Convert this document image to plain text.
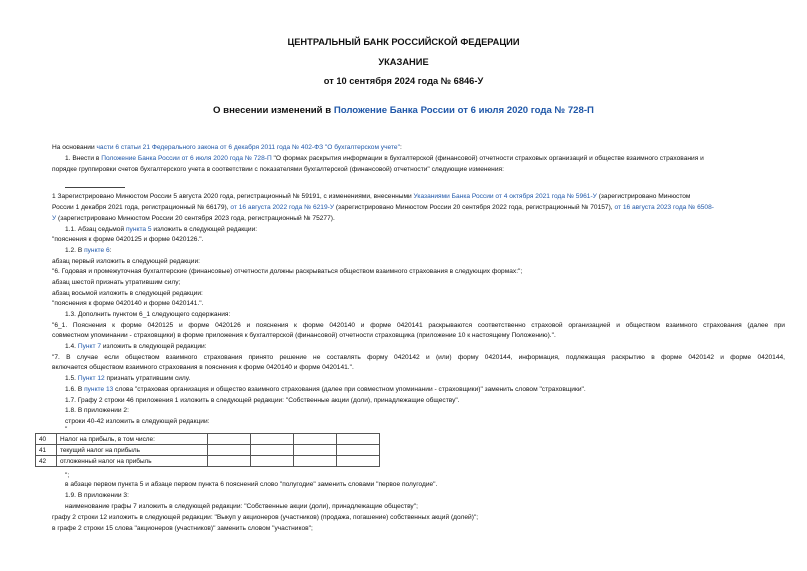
ЦЕНТРАЛЬНЫЙ БАНК РОССИЙСКОЙ ФЕДЕРАЦИИ
УКАЗАНИЕ
от 10 сентября 2024 года № 6846-У
О внесении изменений в Положение Банка России от 6 июля 2020 года № 728-П
На основании части 6 статьи 21 Федерального закона от 6 декабря 2011 года № 402-ФЗ "О бухгалтерском учете":
1. Внести в Положение Банка России от 6 июля 2020 года № 728-П "О формах раскрытия информации в бухгалтерской (финансовой) отчетности страховых организаций и обществе взаимного страхования и
порядке группировки счетов бухгалтерского учета в соответствии с показателями бухгалтерской (финансовой) отчетности" следующие изменения:
1 Зарегистрировано Минюстом России 5 августа 2020 года, регистрационный № 59191, с изменениями, внесенными Указаниями Банка России от 4 октября 2021 года № 5961-У (зарегистрировано Минюстом
России 1 декабря 2021 года, регистрационный № 66179), от 16 августа 2022 года № 6219-У (зарегистрировано Минюстом России 20 сентября 2022 года, регистрационный № 70157), от 16 августа 2023 года № 6508-
У (зарегистрировано Минюстом России 20 сентября 2023 года, регистрационный № 75277).
1.1. Абзац седьмой пункта 5 изложить в следующей редакции:
"пояснения к форме 0420125 и форме 0420126.".
1.2. В пункте 6:
абзац первый изложить в следующей редакции:
"6. Годовая и промежуточная бухгалтерские (финансовые) отчетности должны раскрываться обществом взаимного страхования в следующих формах:";
абзац шестой признать утратившим силу;
абзац восьмой изложить в следующей редакции:
"пояснения к форме 0420140 и форме 0420141.".
1.3. Дополнить пунктом 6_1 следующего содержания:
"6_1. Пояснения к форме 0420125 и форме 0420126 и пояснения к форме 0420140 и форме 0420141 раскрываются соответственно страховой организацией и обществом взаимного страхования (далее при
совместном упоминании - страховщики) в форме приложения к бухгалтерской (финансовой) отчетности страховщика (приложение 10 к настоящему Положению).".
1.4. Пункт 7 изложить в следующей редакции:
"7. В случае если обществом взаимного страхования принято решение не составлять форму 0420142 и (или) форму 0420144, информация, подлежащая раскрытию в форме 0420142 и форме 0420144,
включается обществом взаимного страхования в пояснения к форме 0420140 и форме 0420141.".
1.5. Пункт 12 признать утратившим силу.
1.6. В пункте 13 слова "страховая организация и общество взаимного страхования (далее при совместном упоминании - страховщики)" заменить словом "страховщики".
1.7. Графу 2 строки 46 приложения 1 изложить в следующей редакции: "Собственные акции (доли), принадлежащие обществу".
1.8. В приложении 2:
строки 40-42 изложить в следующей редакции:
"
40	Налог на прибыль, в том числе:				
41	текущий налог на прибыль				
42	отложенный налог на прибыль				
";
в абзаце первом пункта 5 и абзаце первом пункта 6 пояснений слово "полугодие" заменить словами "первое полугодие".
1.9. В приложении 3:
наименование графы 7 изложить в следующей редакции: "Собственные акции (доли), принадлежащие обществу";
графу 2 строки 12 изложить в следующей редакции: "Выкуп у акционеров (участников) (продажа, погашение) собственных акций (долей)";
в графе 2 строки 15 слова "акционеров (участников)" заменить словом "участников";
